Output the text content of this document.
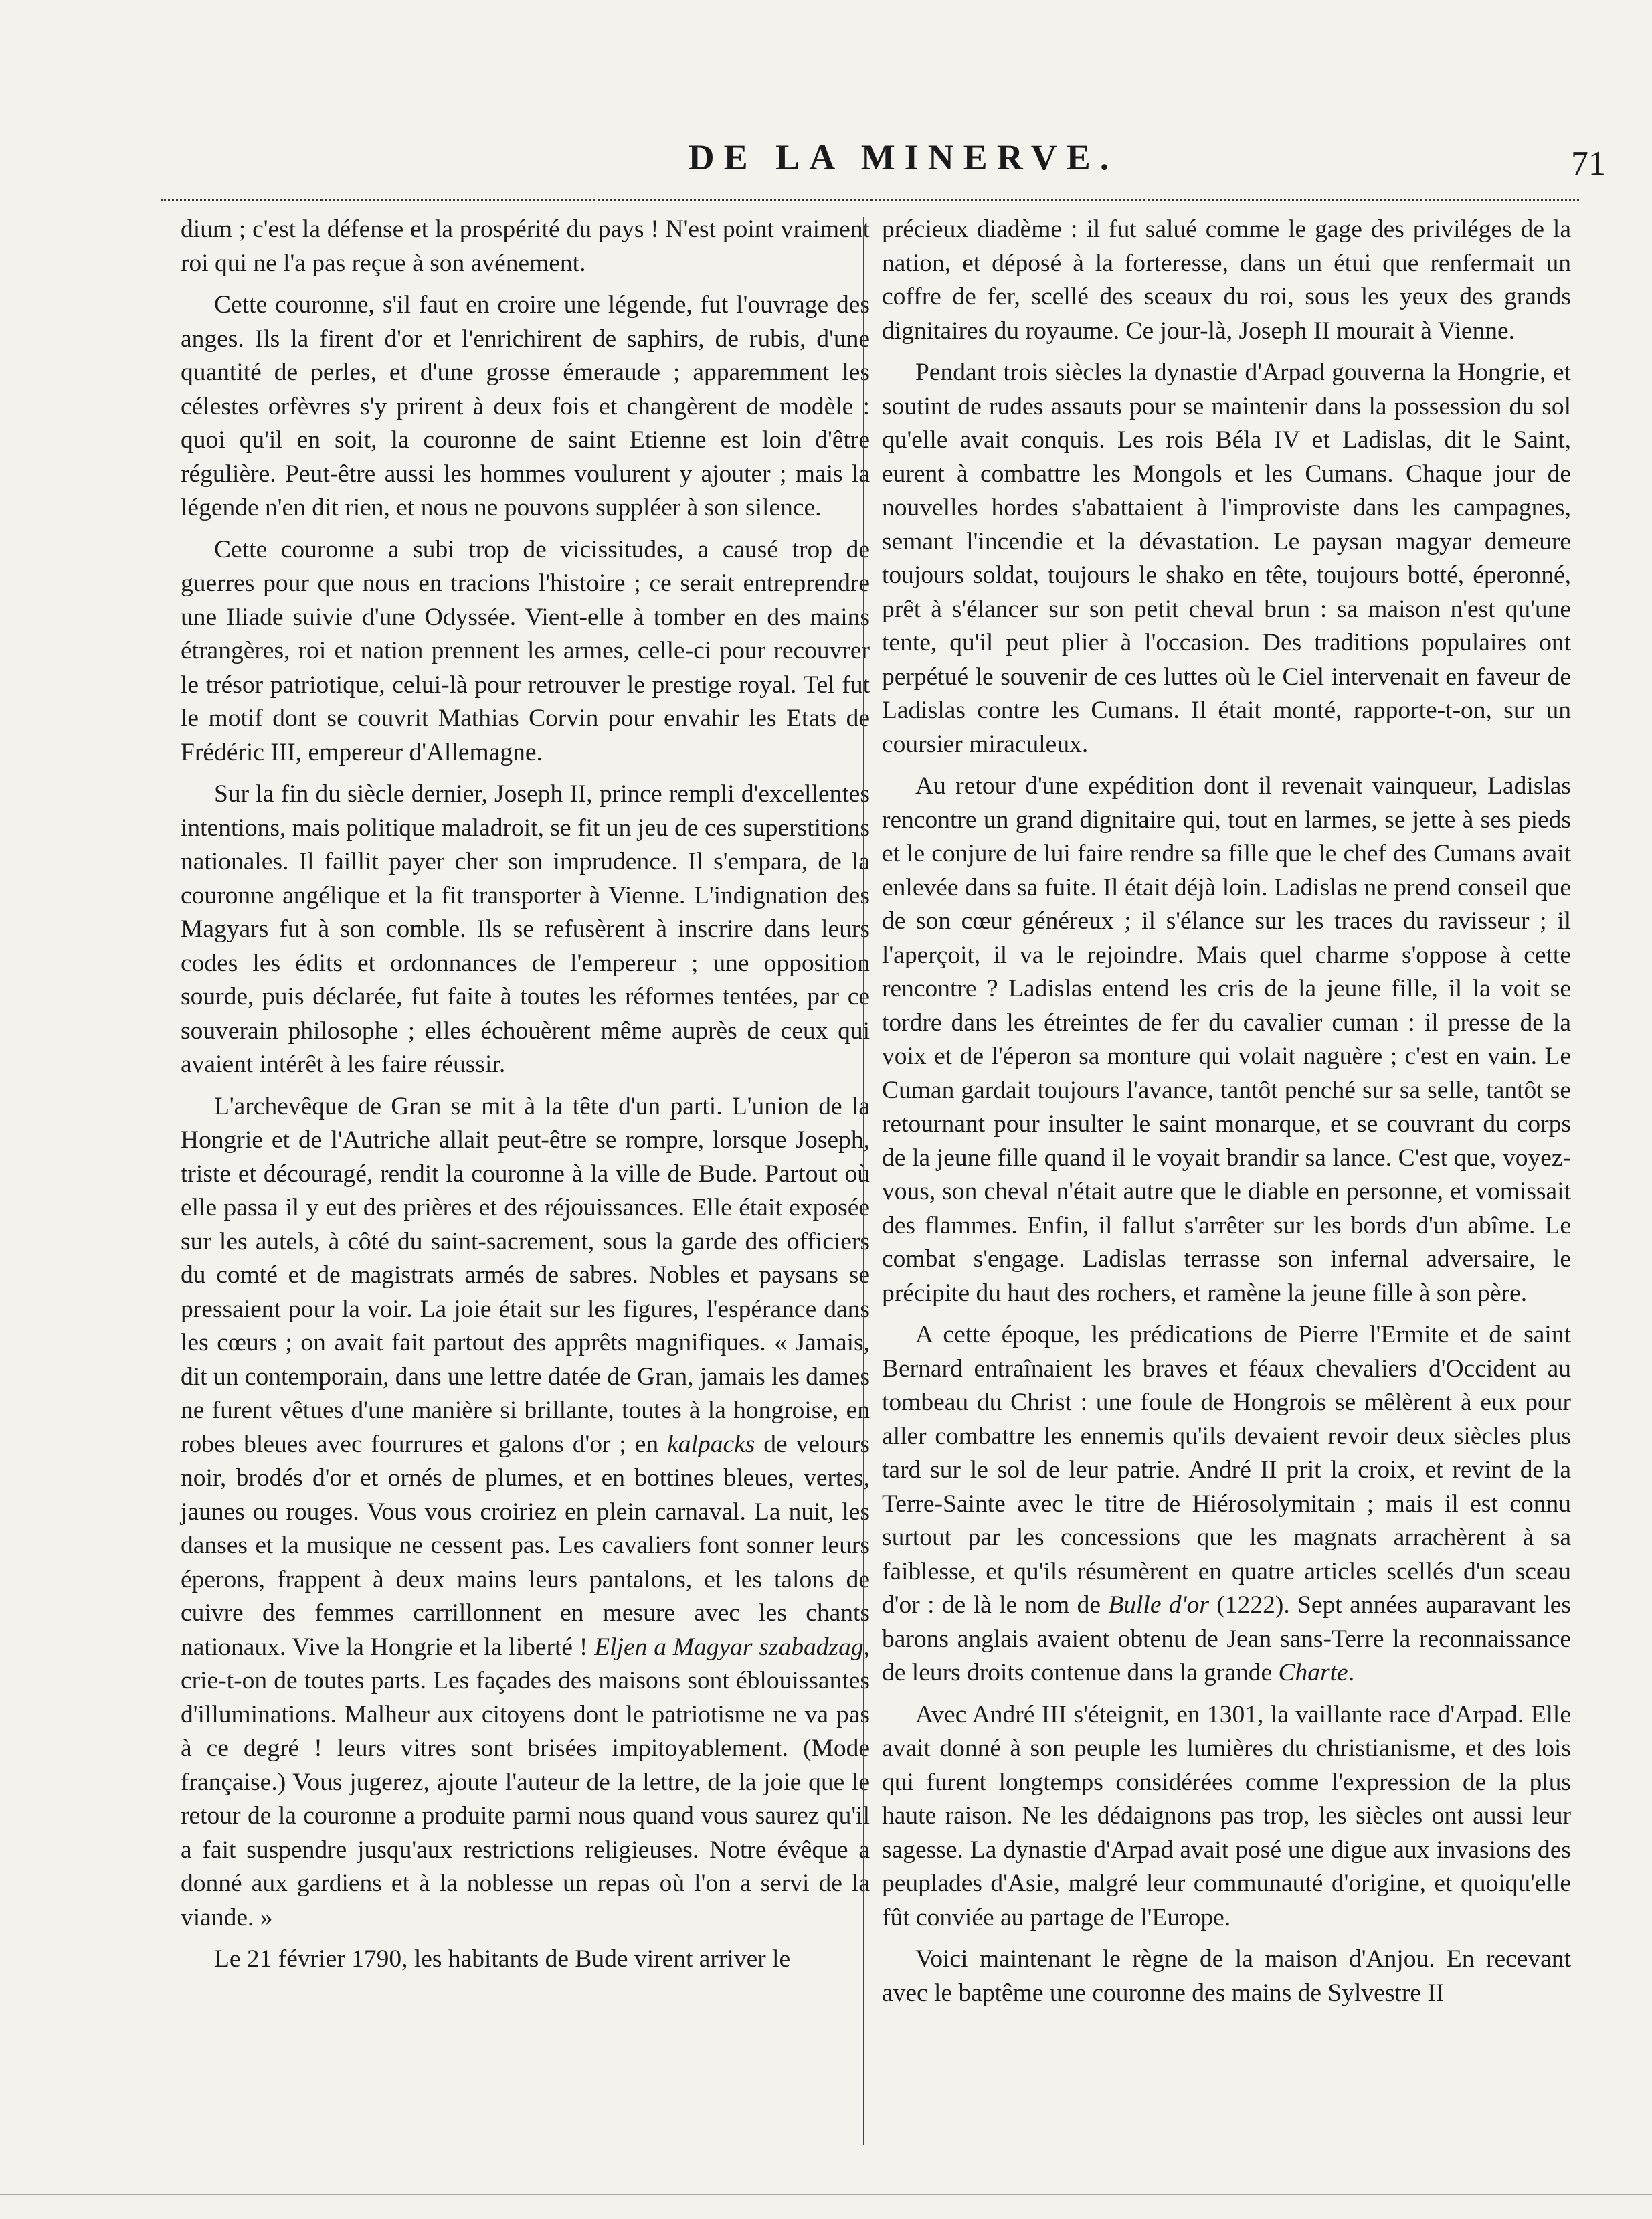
DE LA MINERVE.	71

dium ; c'est la défense et la prospérité du pays ! N'est point vraiment roi qui ne l'a pas reçue à son avénement.

Cette couronne, s'il faut en croire une légende, fut l'ouvrage des anges. Ils la firent d'or et l'enrichirent de saphirs, de rubis, d'une quantité de perles, et d'une grosse émeraude ; apparemment les célestes orfèvres s'y prirent à deux fois et changèrent de modèle : quoi qu'il en soit, la couronne de saint Etienne est loin d'être régulière. Peut-être aussi les hommes voulurent y ajouter ; mais la légende n'en dit rien, et nous ne pouvons suppléer à son silence.

Cette couronne a subi trop de vicissitudes, a causé trop de guerres pour que nous en tracions l'histoire ; ce serait entreprendre une Iliade suivie d'une Odyssée. Vient-elle à tomber en des mains étrangères, roi et nation prennent les armes, celle-ci pour recouvrer le trésor patriotique, celui-là pour retrouver le prestige royal. Tel fut le motif dont se couvrit Mathias Corvin pour envahir les Etats de Frédéric III, empereur d'Allemagne.

Sur la fin du siècle dernier, Joseph II, prince rempli d'excellentes intentions, mais politique maladroit, se fit un jeu de ces superstitions nationales. Il faillit payer cher son imprudence. Il s'empara, de la couronne angélique et la fit transporter à Vienne. L'indignation des Magyars fut à son comble. Ils se refusèrent à inscrire dans leurs codes les édits et ordonnances de l'empereur ; une opposition sourde, puis déclarée, fut faite à toutes les réformes tentées, par ce souverain philosophe ; elles échouèrent même auprès de ceux qui avaient intérêt à les faire réussir.

L'archevêque de Gran se mit à la tête d'un parti. L'union de la Hongrie et de l'Autriche allait peut-être se rompre, lorsque Joseph, triste et découragé, rendit la couronne à la ville de Bude. Partout où elle passa il y eut des prières et des réjouissances. Elle était exposée sur les autels, à côté du saint-sacrement, sous la garde des officiers du comté et de magistrats armés de sabres. Nobles et paysans se pressaient pour la voir. La joie était sur les figures, l'espérance dans les cœurs ; on avait fait partout des apprêts magnifiques. « Jamais, dit un contemporain, dans une lettre datée de Gran, jamais les dames ne furent vêtues d'une manière si brillante, toutes à la hongroise, en robes bleues avec fourrures et galons d'or ; en kalpacks de velours noir, brodés d'or et ornés de plumes, et en bottines bleues, vertes, jaunes ou rouges. Vous vous croiriez en plein carnaval. La nuit, les danses et la musique ne cessent pas. Les cavaliers font sonner leurs éperons, frappent à deux mains leurs pantalons, et les talons de cuivre des femmes carrillonnent en mesure avec les chants nationaux. Vive la Hongrie et la liberté ! Eljen a Magyar szabadzag, crie-t-on de toutes parts. Les façades des maisons sont éblouissantes d'illuminations. Malheur aux citoyens dont le patriotisme ne va pas à ce degré ! leurs vitres sont brisées impitoyablement. (Mode française.) Vous jugerez, ajoute l'auteur de la lettre, de la joie que le retour de la couronne a produite parmi nous quand vous saurez qu'il a fait suspendre jusqu'aux restrictions religieuses. Notre évêque a donné aux gardiens et à la noblesse un repas où l'on a servi de la viande. »

Le 21 février 1790, les habitants de Bude virent arriver le

précieux diadème : il fut salué comme le gage des priviléges de la nation, et déposé à la forteresse, dans un étui que renfermait un coffre de fer, scellé des sceaux du roi, sous les yeux des grands dignitaires du royaume. Ce jour-là, Joseph II mourait à Vienne.

Pendant trois siècles la dynastie d'Arpad gouverna la Hongrie, et soutint de rudes assauts pour se maintenir dans la possession du sol qu'elle avait conquis. Les rois Béla IV et Ladislas, dit le Saint, eurent à combattre les Mongols et les Cumans. Chaque jour de nouvelles hordes s'abattaient à l'improviste dans les campagnes, semant l'incendie et la dévastation. Le paysan magyar demeure toujours soldat, toujours le shako en tête, toujours botté, éperonné, prêt à s'élancer sur son petit cheval brun : sa maison n'est qu'une tente, qu'il peut plier à l'occasion. Des traditions populaires ont perpétué le souvenir de ces luttes où le Ciel intervenait en faveur de Ladislas contre les Cumans. Il était monté, rapporte-t-on, sur un coursier miraculeux.

Au retour d'une expédition dont il revenait vainqueur, Ladislas rencontre un grand dignitaire qui, tout en larmes, se jette à ses pieds et le conjure de lui faire rendre sa fille que le chef des Cumans avait enlevée dans sa fuite. Il était déjà loin. Ladislas ne prend conseil que de son cœur généreux ; il s'élance sur les traces du ravisseur ; il l'aperçoit, il va le rejoindre. Mais quel charme s'oppose à cette rencontre ? Ladislas entend les cris de la jeune fille, il la voit se tordre dans les étreintes de fer du cavalier cuman : il presse de la voix et de l'éperon sa monture qui volait naguère ; c'est en vain. Le Cuman gardait toujours l'avance, tantôt penché sur sa selle, tantôt se retournant pour insulter le saint monarque, et se couvrant du corps de la jeune fille quand il le voyait brandir sa lance. C'est que, voyez-vous, son cheval n'était autre que le diable en personne, et vomissait des flammes. Enfin, il fallut s'arrêter sur les bords d'un abîme. Le combat s'engage. Ladislas terrasse son infernal adversaire, le précipite du haut des rochers, et ramène la jeune fille à son père.

A cette époque, les prédications de Pierre l'Ermite et de saint Bernard entraînaient les braves et féaux chevaliers d'Occident au tombeau du Christ : une foule de Hongrois se mêlèrent à eux pour aller combattre les ennemis qu'ils devaient revoir deux siècles plus tard sur le sol de leur patrie. André II prit la croix, et revint de la Terre-Sainte avec le titre de Hiérosolymitain ; mais il est connu surtout par les concessions que les magnats arrachèrent à sa faiblesse, et qu'ils résumèrent en quatre articles scellés d'un sceau d'or : de là le nom de Bulle d'or (1222). Sept années auparavant les barons anglais avaient obtenu de Jean sans-Terre la reconnaissance de leurs droits contenue dans la grande Charte.

Avec André III s'éteignit, en 1301, la vaillante race d'Arpad. Elle avait donné à son peuple les lumières du christianisme, et des lois qui furent longtemps considérées comme l'expression de la plus haute raison. Ne les dédaignons pas trop, les siècles ont aussi leur sagesse. La dynastie d'Arpad avait posé une digue aux invasions des peuplades d'Asie, malgré leur communauté d'origine, et quoiqu'elle fût conviée au partage de l'Europe.

Voici maintenant le règne de la maison d'Anjou. En recevant avec le baptême une couronne des mains de Sylvestre II
